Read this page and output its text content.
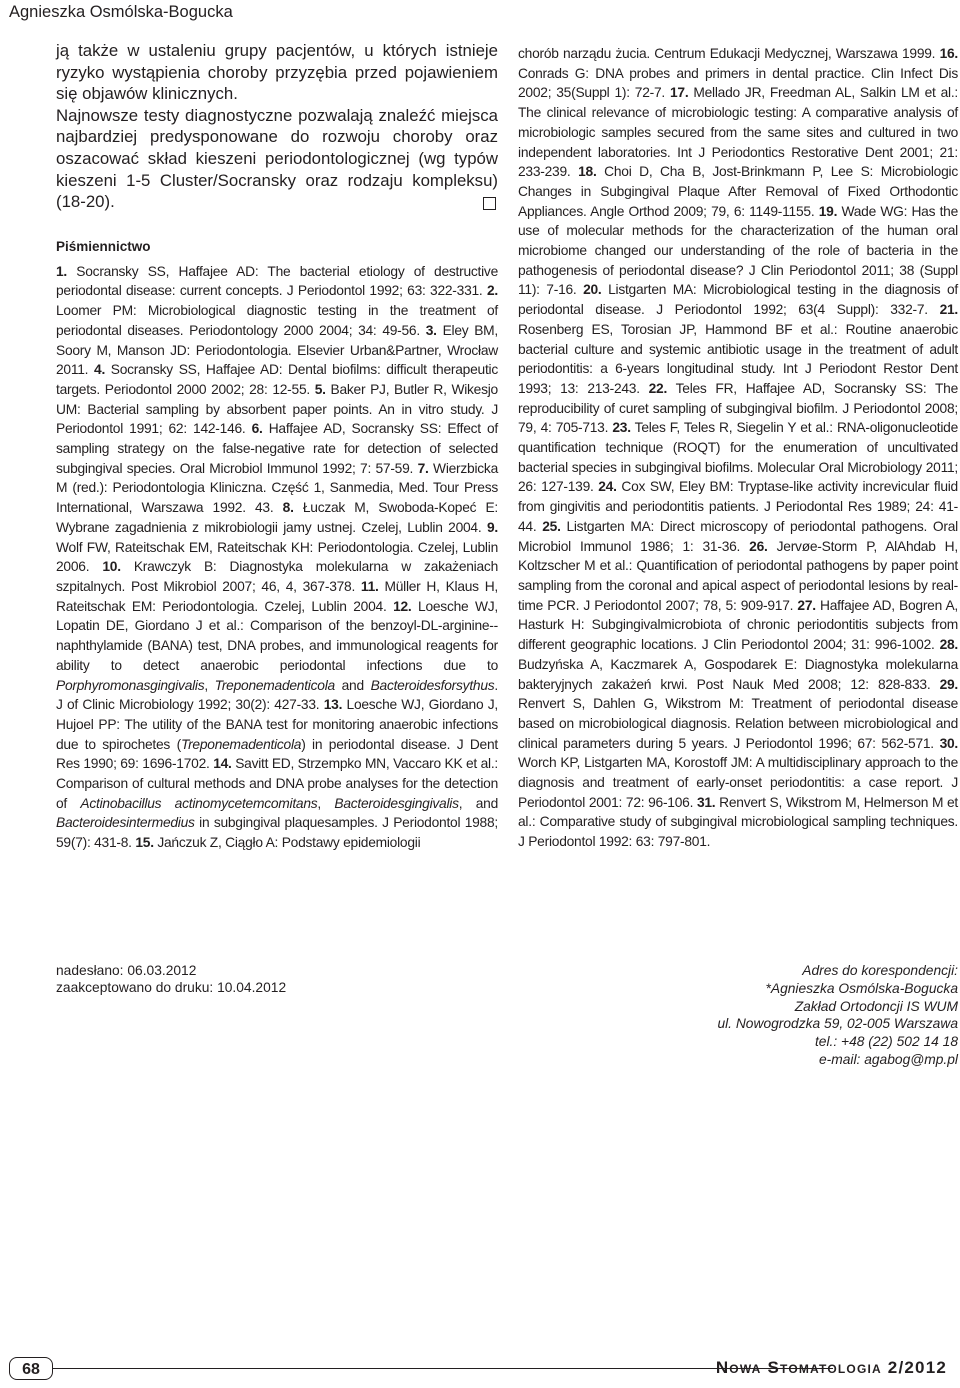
Agnieszka Osmólska-Bogucka

ją także w ustaleniu grupy pacjentów, u których istnieje ryzyko wystąpienia choroby przyzębia przed pojawieniem się objawów klinicznych.

Najnowsze testy diagnostyczne pozwalają znaleźć miejsca najbardziej predysponowane do rozwoju choroby oraz oszacować skład kieszeni periodontologicznej (wg typów kieszeni 1-5 Cluster/Socransky oraz rodzaju kompleksu) (18-20).

Piśmiennictwo

1. Socransky SS, Haffajee AD: The bacterial etiology of destructive periodontal disease: current concepts. J Periodontol 1992; 63: 322-331. 2. Loomer PM: Microbiological diagnostic testing in the treatment of periodontal diseases. Periodontology 2000 2004; 34: 49-56. 3. Eley BM, Soory M, Manson JD: Periodontologia. Elsevier Urban&Partner, Wrocław 2011. 4. Socransky SS, Haffajee AD: Dental biofilms: difficult therapeutic targets. Periodontol 2000 2002; 28: 12-55. 5. Baker PJ, Butler R, Wikesjo UM: Bacterial sampling by absorbent paper points. An in vitro study. J Periodontol 1991; 62: 142-146. 6. Haffajee AD, Socransky SS: Effect of sampling strategy on the false-negative rate for detection of selected subgingival species. Oral Microbiol Immunol 1992; 7: 57-59. 7. Wierzbicka M (red.): Periodontologia Kliniczna. Część 1, Sanmedia, Med. Tour Press International, Warszawa 1992. 43. 8. Łuczak M, Swoboda-Kopeć E: Wybrane zagadnienia z mikrobiologii jamy ustnej. Czelej, Lublin 2004. 9. Wolf FW, Rateitschak EM, Rateitschak KH: Periodontologia. Czelej, Lublin 2006. 10. Krawczyk B: Diagnostyka molekularna w zakażeniach szpitalnych. Post Mikrobiol 2007; 46, 4, 367-378. 11. Müller H, Klaus H, Rateitschak EM: Periodontologia. Czelej, Lublin 2004. 12. Loesche WJ, Lopatin DE, Giordano J et al.: Comparison of the benzoyl-DL-arginine--naphthylamide (BANA) test, DNA probes, and immunological reagents for ability to detect anaerobic periodontal infections due to Porphyromonasgingivalis, Treponemadenticola and Bacteroidesforsythus. J of Clinic Microbiology 1992; 30(2): 427-33. 13. Loesche WJ, Giordano J, Hujoel PP: The utility of the BANA test for monitoring anaerobic infections due to spirochetes (Treponemadenticola) in periodontal disease. J Dent Res 1990; 69: 1696-1702. 14. Savitt ED, Strzempko MN, Vaccaro KK et al.: Comparison of cultural methods and DNA probe analyses for the detection of Actinobacillus actinomycetemcomitans, Bacteroidesgingivalis, and Bacteroidesintermedius in subgingival plaquesamples. J Periodontol 1988; 59(7): 431-8. 15. Jańczuk Z, Ciągło A: Podstawy epidemiologii

chorób narządu żucia. Centrum Edukacji Medycznej, Warszawa 1999. 16. Conrads G: DNA probes and primers in dental practice. Clin Infect Dis 2002; 35(Suppl 1): 72-7. 17. Mellado JR, Freedman AL, Salkin LM et al.: The clinical relevance of microbiologic testing: A comparative analysis of microbiologic samples secured from the same sites and cultured in two independent laboratories. Int J Periodontics Restorative Dent 2001; 21: 233-239. 18. Choi D, Cha B, Jost-Brinkmann P, Lee S: Microbiologic Changes in Subgingival Plaque After Removal of Fixed Orthodontic Appliances. Angle Orthod 2009; 79, 6: 1149-1155. 19. Wade WG: Has the use of molecular methods for the characterization of the human oral microbiome changed our understanding of the role of bacteria in the pathogenesis of periodontal disease? J Clin Periodontol 2011; 38 (Suppl 11): 7-16. 20. Listgarten MA: Microbiological testing in the diagnosis of periodontal disease. J Periodontol 1992; 63(4 Suppl): 332-7. 21. Rosenberg ES, Torosian JP, Hammond BF et al.: Routine anaerobic bacterial culture and systemic antibiotic usage in the treatment of adult periodontitis: a 6-years longitudinal study. Int J Periodont Restor Dent 1993; 13: 213-243. 22. Teles FR, Haffajee AD, Socransky SS: The reproducibility of curet sampling of subgingival biofilm. J Periodontol 2008; 79, 4: 705-713. 23. Teles F, Teles R, Siegelin Y et al.: RNA-oligonucleotide quantification technique (ROQT) for the enumeration of uncultivated bacterial species in subgingival biofilms. Molecular Oral Microbiology 2011; 26: 127-139. 24. Cox SW, Eley BM: Tryptase-like activity increvicular fluid from gingivitis and periodontitis patients. J Periodontal Res 1989; 24: 41-44. 25. Listgarten MA: Direct microscopy of periodontal pathogens. Oral Microbiol Immunol 1986; 1: 31-36. 26. Jervøe-Storm P, AlAhdab H, Koltzscher M et al.: Quantification of periodontal pathogens by paper point sampling from the coronal and apical aspect of periodontal lesions by real-time PCR. J Periodontol 2007; 78, 5: 909-917. 27. Haffajee AD, Bogren A, Hasturk H: Subgingivalmicrobiota of chronic periodontitis subjects from different geographic locations. J Clin Periodontol 2004; 31: 996-1002. 28. Budzyńska A, Kaczmarek A, Gospodarek E: Diagnostyka molekularna bakteryjnych zakażeń krwi. Post Nauk Med 2008; 12: 828-833. 29. Renvert S, Dahlen G, Wikstrom M: Treatment of periodontal disease based on microbiological diagnosis. Relation between microbiological and clinical parameters during 5 years. J Periodontol 1996; 67: 562-571. 30. Worch KP, Listgarten MA, Korostoff JM: A multidisciplinary approach to the diagnosis and treatment of early-onset periodontitis: a case report. J Periodontol 2001: 72: 96-106. 31. Renvert S, Wikstrom M, Helmerson M et al.: Comparative study of subgingival microbiological sampling techniques. J Periodontol 1992: 63: 797-801.

nadesłano: 06.03.2012
zaakceptowano do druku: 10.04.2012
Adres do korespondencji:
*Agnieszka Osmólska-Bogucka
Zakład Ortodoncji IS WUM
ul. Nowogrodzka 59, 02-005 Warszawa
tel.: +48 (22) 502 14 18
e-mail: agabog@mp.pl
68	Nowa Stomatologia 2/2012
